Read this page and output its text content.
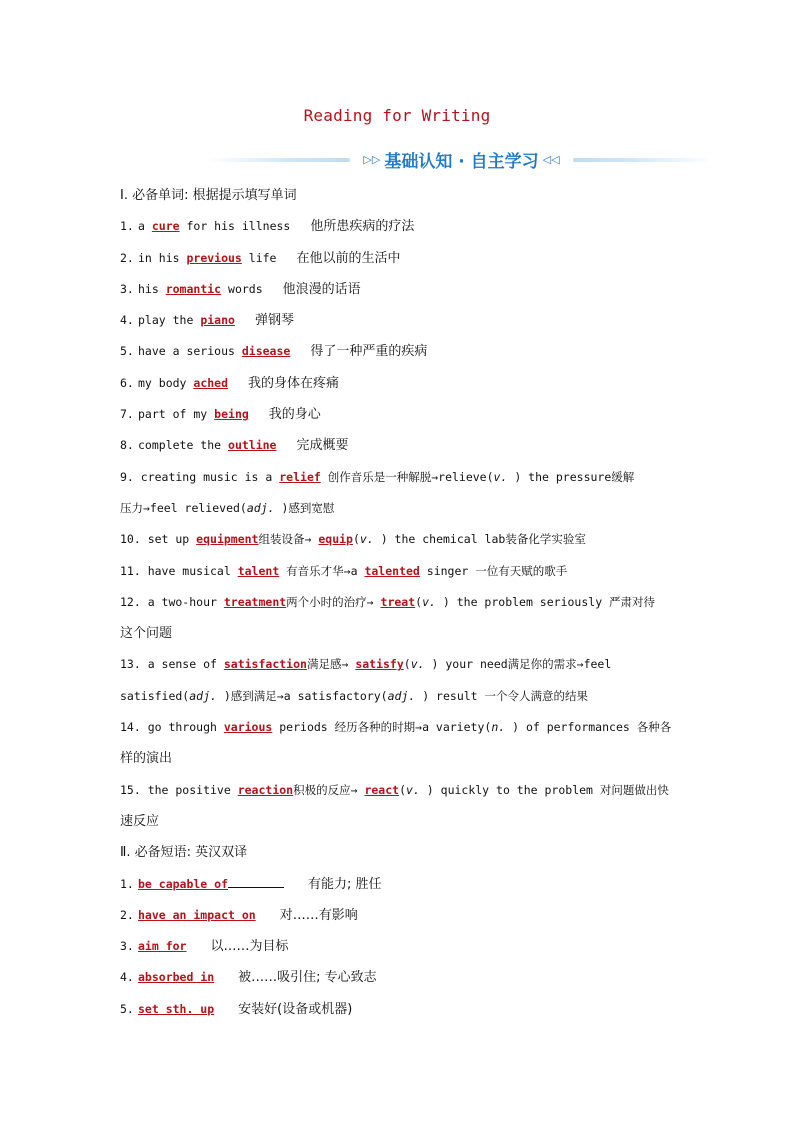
Reading for Writing
▷▷ 基础认知 · 自主学习 ◁◁
Ⅰ. 必备单词: 根据提示填写单词
1. a cure for his illness 他所患疾病的疗法
2. in his previous life 在他以前的生活中
3. his romantic words 他浪漫的话语
4. play the piano 弹钢琴
5. have a serious disease 得了一种严重的疾病
6. my body ached 我的身体在疼痛
7. part of my being 我的身心
8. complete the outline 完成概要
9. creating music is a relief 创作音乐是一种解脱→relieve(v. ) the pressure缓解
压力→feel relieved(adj. )感到宽慰
10. set up equipment组装设备→ equip(v. ) the chemical lab装备化学实验室
11. have musical talent 有音乐才华→a talented singer 一位有天赋的歌手
12. a two-hour treatment两个小时的治疗→ treat(v. ) the problem seriously 严肃对待
这个问题
13. a sense of satisfaction满足感→ satisfy(v. ) your need满足你的需求→feel
satisfied(adj. )感到满足→a satisfactory(adj. ) result 一个令人满意的结果
14. go through various periods 经历各种的时期→a variety(n. ) of performances 各种各
样的演出
15. the positive reaction积极的反应→ react(v. ) quickly to the problem 对问题做出快
速反应
Ⅱ. 必备短语: 英汉双译
1. be capable of	有能力; 胜任
2. have an impact on 对……有影响
3. aim for 以……为目标
4. absorbed in 被……吸引住; 专心致志
5. set sth. up 安装好(设备或机器)
